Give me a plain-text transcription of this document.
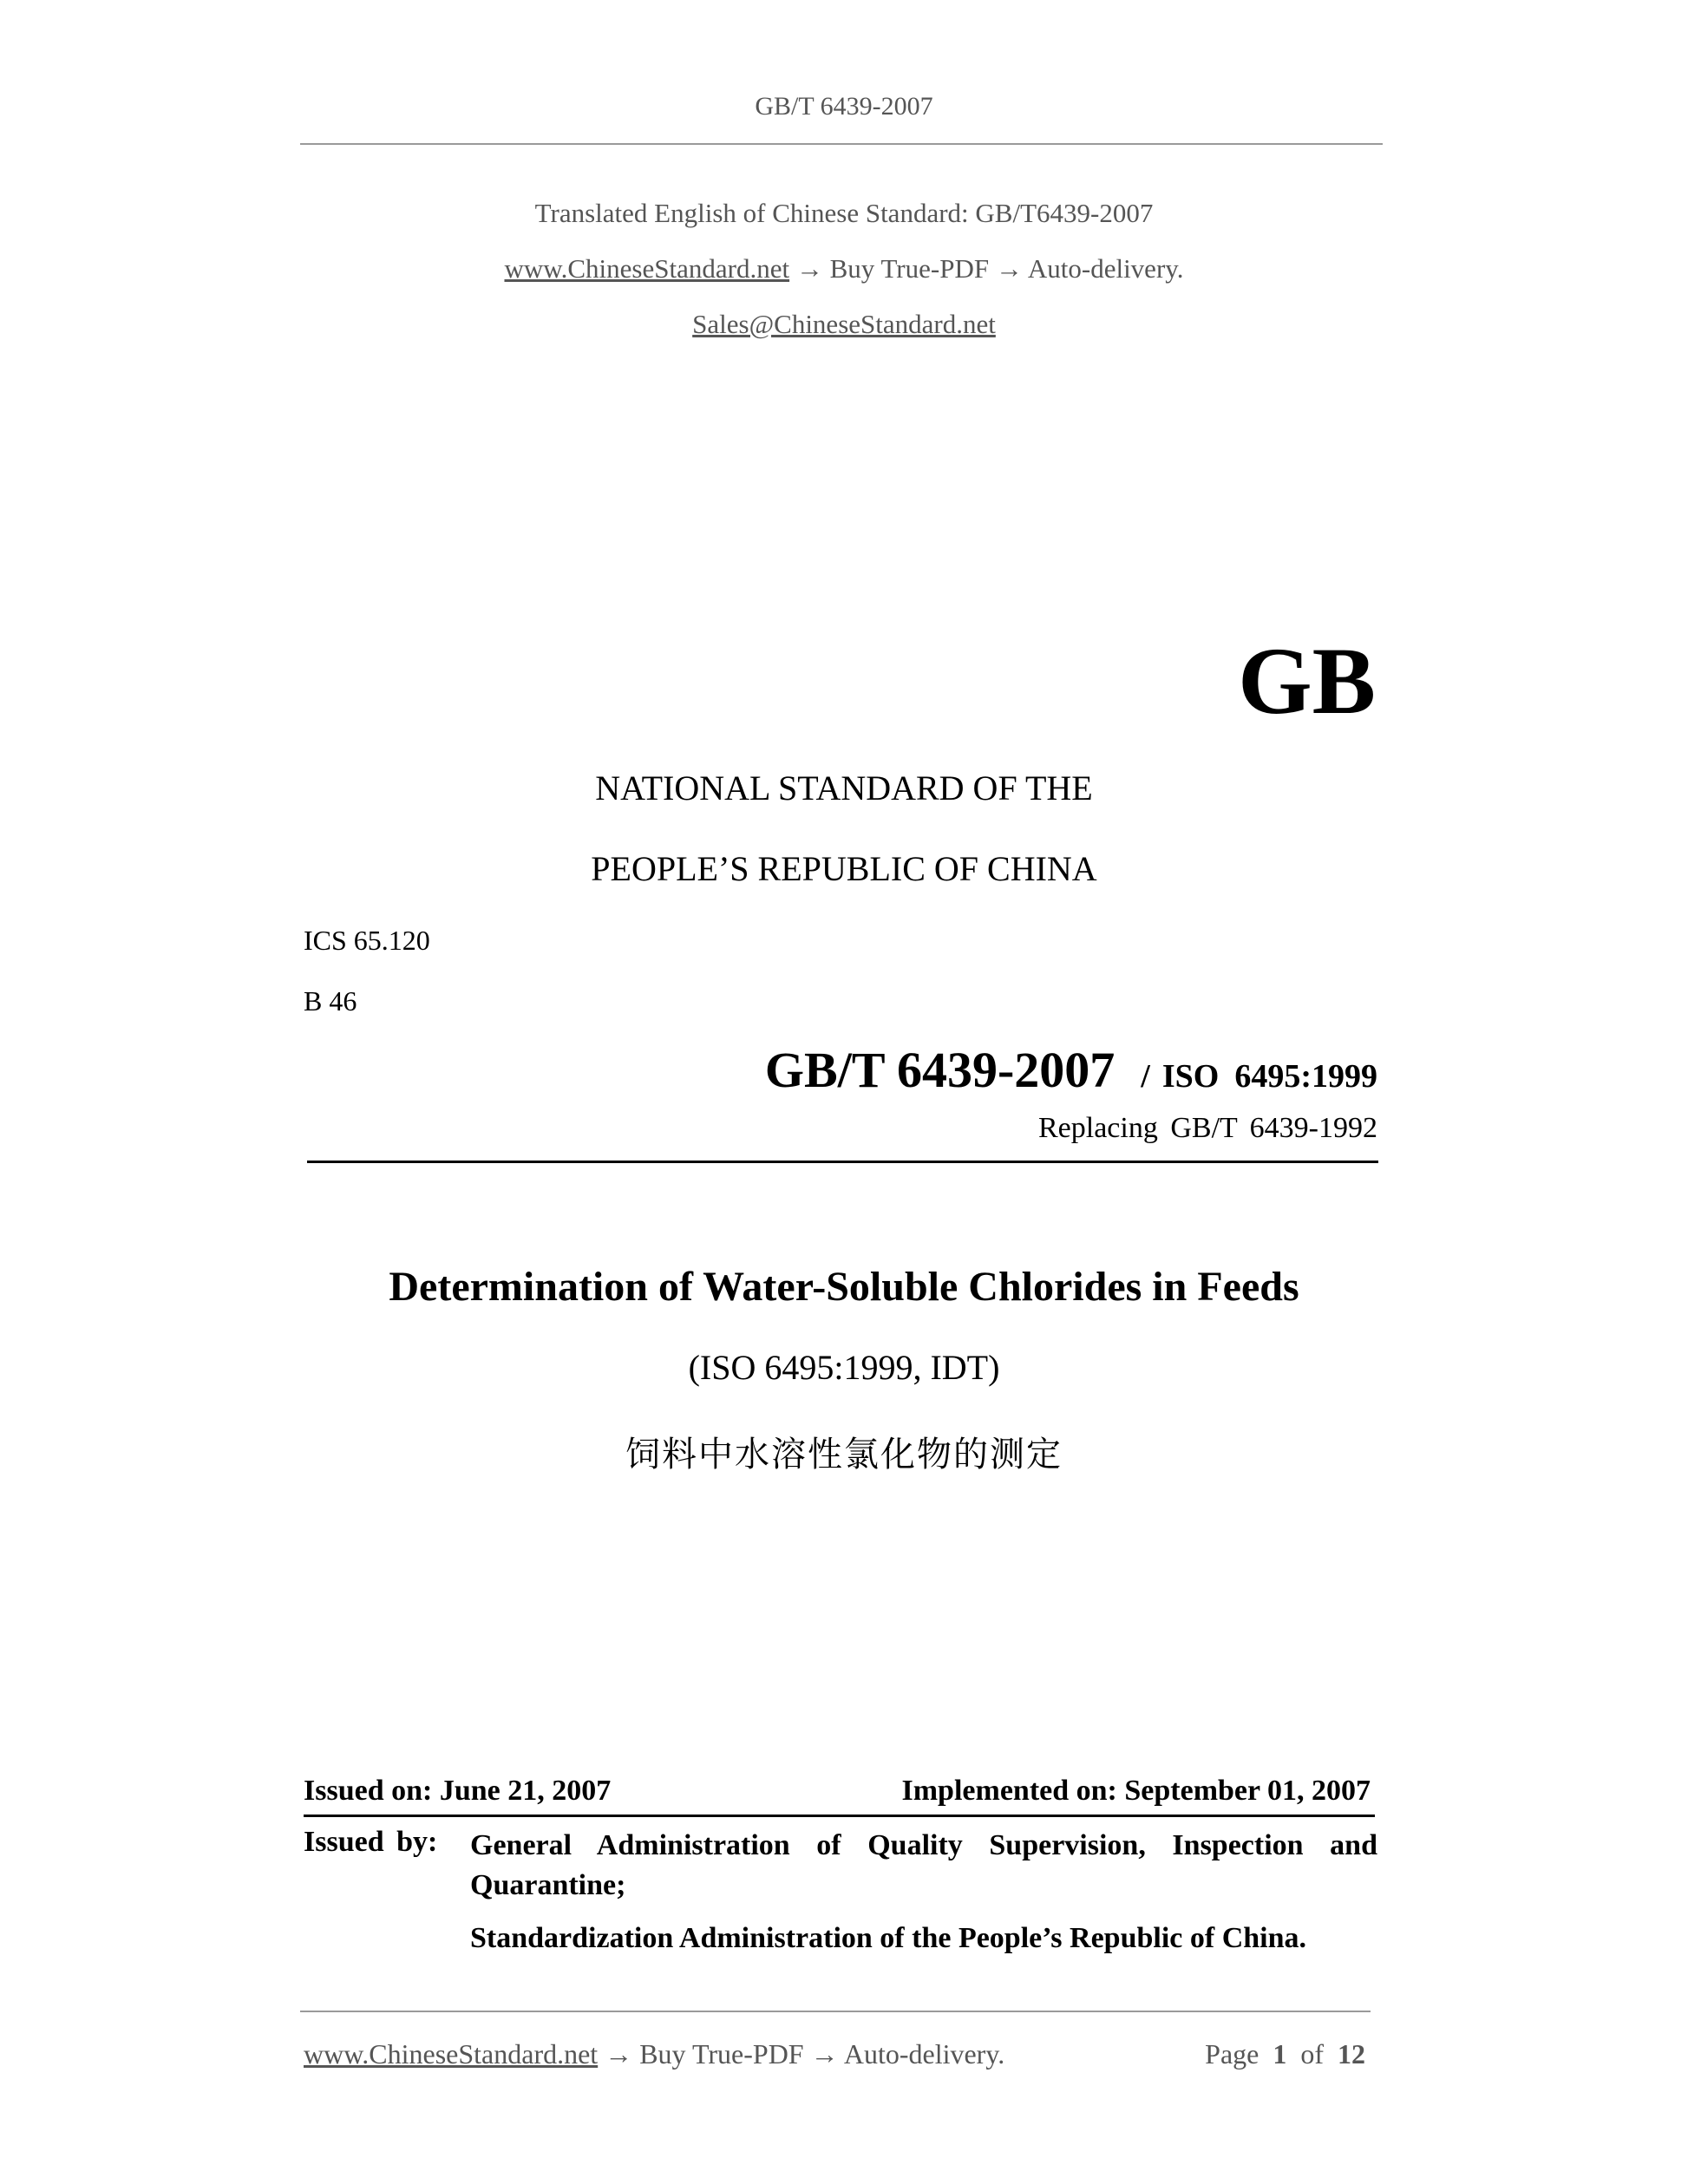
GB/T 6439-2007
Translated English of Chinese Standard: GB/T6439-2007
www.ChineseStandard.net → Buy True-PDF → Auto-delivery.
Sales@ChineseStandard.net
GB
NATIONAL STANDARD OF THE
PEOPLE’S REPUBLIC OF CHINA
ICS 65.120
B 46
GB/T 6439-2007 / ISO 6495:1999
Replacing GB/T 6439-1992
Determination of Water-Soluble Chlorides in Feeds
(ISO 6495:1999, IDT)
饲料中水溶性氯化物的测定
Issued on: June 21, 2007	Implemented on: September 01, 2007
Issued by: General Administration of Quality Supervision, Inspection and Quarantine;
Standardization Administration of the People’s Republic of China.
www.ChineseStandard.net → Buy True-PDF → Auto-delivery.	Page 1 of 12
